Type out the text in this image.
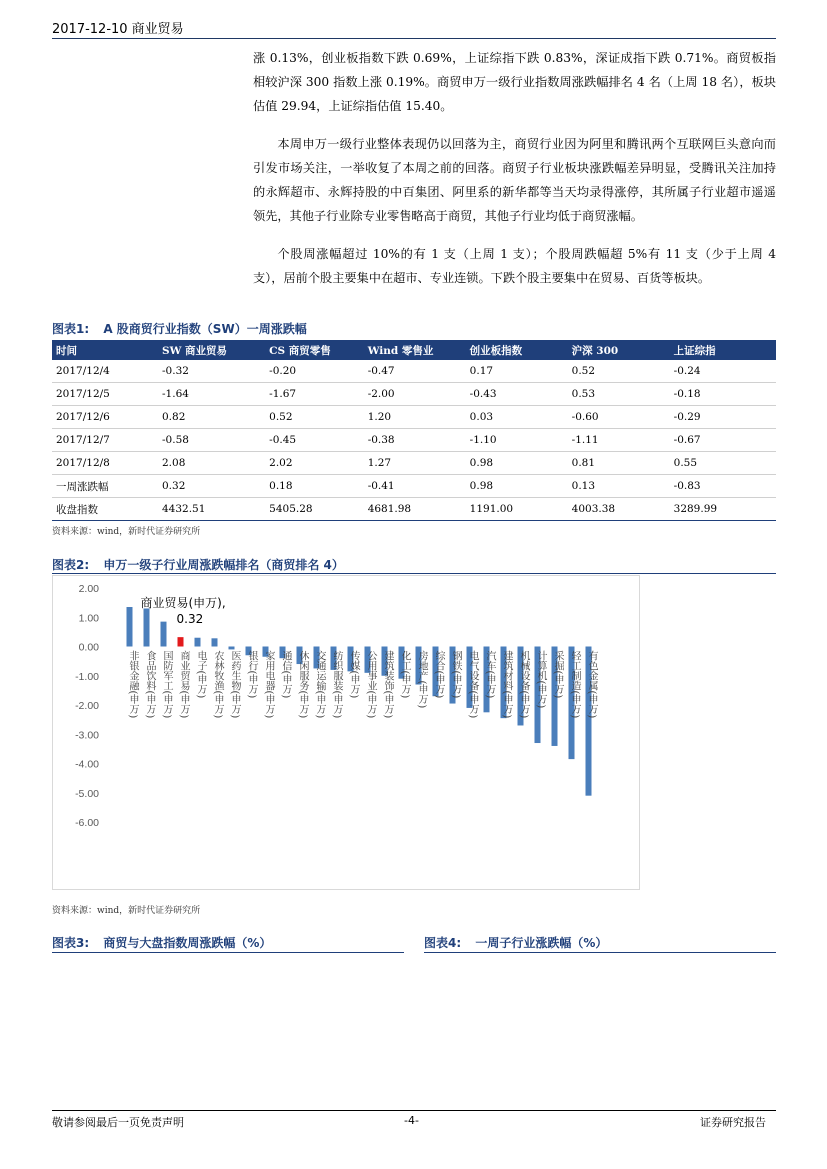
2017-12-10 商业贸易

涨 0.13%，创业板指数下跌 0.69%，上证综指下跌 0.83%，深证成指下跌 0.71%。商贸板指相较沪深 300 指数上涨 0.19%。商贸申万一级行业指数周涨跌幅排名 4 名（上周 18 名），板块估值 29.94，上证综指估值 15.40。

本周申万一级行业整体表现仍以回落为主，商贸行业因为阿里和腾讯两个互联网巨头意向而引发市场关注，一举收复了本周之前的回落。商贸子行业板块涨跌幅差异明显，受腾讯关注加持的永辉超市、永辉持股的中百集团、阿里系的新华都等当天均录得涨停，其所属子行业超市遥遥领先，其他子行业除专业零售略高于商贸，其他子行业均低于商贸涨幅。

个股周涨幅超过 10%的有 1 支（上周 1 支）；个股周跌幅超 5%有 11 支（少于上周 4 支），居前个股主要集中在超市、专业连锁。下跌个股主要集中在贸易、百货等板块。

图表1: A 股商贸行业指数（SW）一周涨跌幅
时间	SW 商业贸易	CS 商贸零售	Wind 零售业	创业板指数	沪深 300	上证综指
2017/12/4	-0.32	-0.20	-0.47	0.17	0.52	-0.24
2017/12/5	-1.64	-1.67	-2.00	-0.43	0.53	-0.18
2017/12/6	0.82	0.52	1.20	0.03	-0.60	-0.29
2017/12/7	-0.58	-0.45	-0.38	-1.10	-1.11	-0.67
2017/12/8	2.08	2.02	1.27	0.98	0.81	0.55
一周涨跌幅	0.32	0.18	-0.41	0.98	0.13	-0.83
收盘指数	4432.51	5405.28	4681.98	1191.00	4003.38	3289.99
资料来源：wind，新时代证券研究所
图表2: 申万一级子行业周涨跌幅排名（商贸排名 4）
2.00
1.00
0.00
-1.00
-2.00
-3.00
-4.00
-5.00
-6.00
非银金融(申万) 食品饮料(申万) 国防军工(申万) 商业贸易(申万) 电子(申万) 农林牧渔(申万) 医药生物(申万) 银行(申万) 家用电器(申万) 通信(申万) 休闲服务(申万) 交通运输(申万) 纺织服装(申万) 传媒(申万) 公用事业(申万) 建筑装饰(申万) 化工(申万) 房地产(申万) 综合(申万) 钢铁(申万) 电气设备(申万) 汽车(申万) 建筑材料(申万) 机械设备(申万) 计算机(申万) 采掘(申万) 轻工制造(申万) 有色金属(申万)
商业贸易(申万),
0.32
资料来源：wind，新时代证券研究所
图表3: 商贸与大盘指数周涨跌幅（%）	图表4: 一周子行业涨跌幅（%）
敬请参阅最后一页免责声明	-4-	证券研究报告
